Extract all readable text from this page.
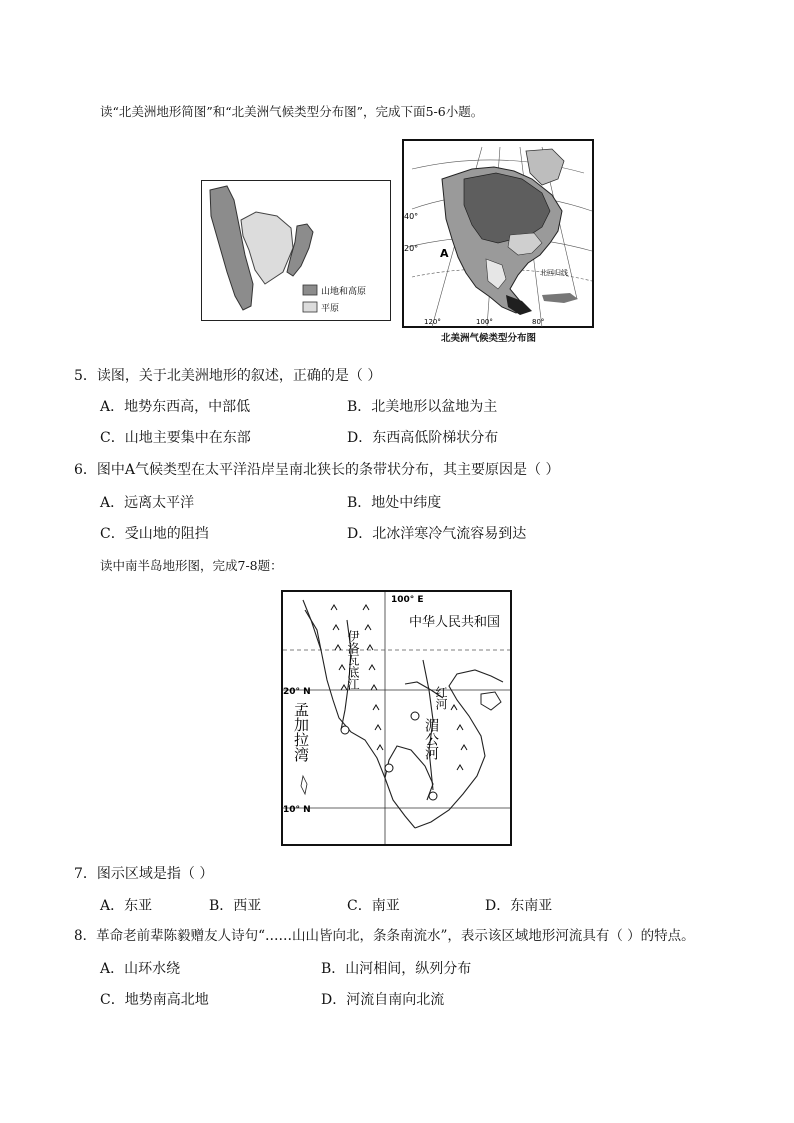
读“北美洲地形简图”和“北美洲气候类型分布图”，完成下面5-6小题。
山地和高原
平原
40°
20° A
北回归线
120°	100°	80°
北美洲气候类型分布图
5．读图，关于北美洲地形的叙述，正确的是（ ）
A．地势东西高，中部低	B．北美地形以盆地为主
C．山地主要集中在东部	D．东西高低阶梯状分布
6．图中A气候类型在太平洋沿岸呈南北狭长的条带状分布，其主要原因是（ ）
A．远离太平洋	B．地处中纬度
C．受山地的阻挡	D．北冰洋寒冷气流容易到达
读中南半岛地形图，完成7-8题：
100° E
中华人民共和国
20° N
10° N
红河
伊洛瓦底江
湄公河
孟加拉湾
7．图示区域是指（ ）
A．东亚	B．西亚	C．南亚	D．东南亚
8．革命老前辈陈毅赠友人诗句“……山山皆向北，条条南流水”，表示该区域地形河流具有（ ）的特点。
A．山环水绕	B．山河相间，纵列分布
C．地势南高北地	D．河流自南向北流
